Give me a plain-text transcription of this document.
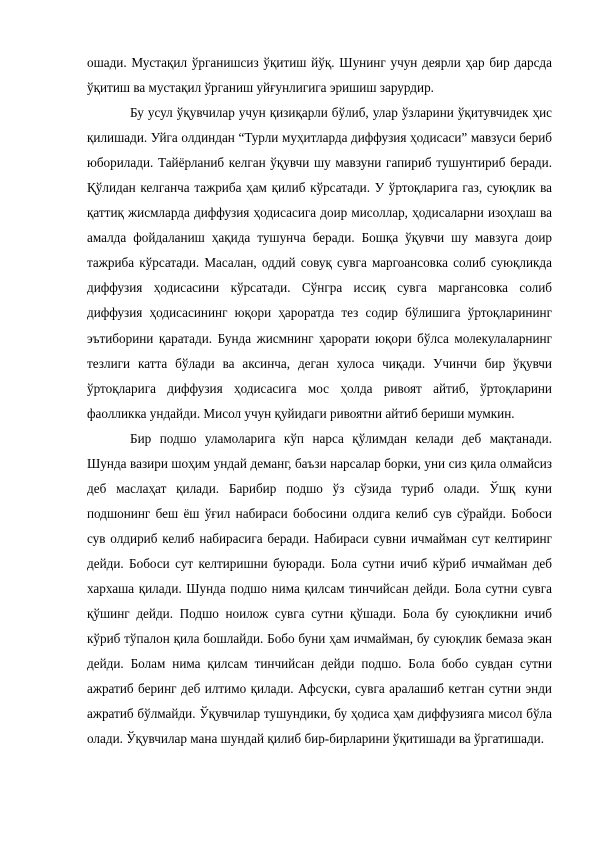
ошади. Мустақил ўрганишсиз ўқитиш йўқ. Шунинг учун деярли ҳар бир дарсда ўқитиш ва мустақил ўрганиш уйғунлигига эришиш зарурдир.

Бу усул ўқувчилар учун қизиқарли бўлиб, улар ўзларини ўқитувчидек ҳис қилишади. Уйга олдиндан “Турли муҳитларда диффузия ҳодисаси” мавзуси бериб юборилади. Тайёрланиб келган ўқувчи шу мавзуни гапириб тушунтириб беради. Қўлидан келганча тажриба ҳам қилиб кўрсатади. У ўртоқларига газ, суюқлик ва қаттиқ жисмларда диффузия ҳодисасига доир мисоллар, ҳодисаларни изоҳлаш ва амалда фойдаланиш ҳақида тушунча беради. Бошқа ўқувчи шу мавзуга доир тажриба кўрсатади. Масалан, оддий совуқ сувга маргоансовка солиб суюқликда диффузия ҳодисасини кўрсатади. Сўнгра иссиқ сувга маргансовка солиб диффузия ҳодисасининг юқори ҳароратда тез содир бўлишига ўртоқларининг эътиборини қаратади. Бунда жисмнинг ҳарорати юқори бўлса молекулаларнинг тезлиги катта бўлади ва аксинча, деган хулоса чиқади. Учинчи бир ўқувчи ўртоқларига диффузия ҳодисасига мос ҳолда ривоят айтиб, ўртоқларини фаолликка ундайди. Мисол учун қуйидаги ривоятни айтиб бериши мумкин.

Бир подшо уламоларига кўп нарса қўлимдан келади деб мақтанади. Шунда вазири шоҳим ундай деманг, баъзи нарсалар борки, уни сиз қила олмайсиз деб маслаҳат қилади. Барибир подшо ўз сўзида туриб олади. Ўшқ куни подшонинг беш ёш ўғил набираси бобосини олдига келиб сув сўрайди. Бобоси сув олдириб келиб набирасига беради. Набираси сувни ичмайман сут келтиринг дейди. Бобоси сут келтиришни буюради. Бола сутни ичиб кўриб ичмайман деб хархаша қилади. Шунда подшо нима қилсам тинчийсан дейди. Бола сутни сувга қўшинг дейди. Подшо ноилож сувга сутни қўшади. Бола бу суюқликни ичиб кўриб тўпалон қила бошлайди. Бобо буни ҳам ичмайман, бу суюқлик бемаза экан дейди. Болам нима қилсам тинчийсан дейди подшо. Бола бобо сувдан сутни ажратиб беринг деб илтимо қилади. Афсуски, сувга аралашиб кетган сутни энди ажратиб бўлмайди. Ўқувчилар тушундики, бу ҳодиса ҳам диффузияга мисол бўла олади. Ўқувчилар мана шундай қилиб бир-бирларини ўқитишади ва ўргатишади.
